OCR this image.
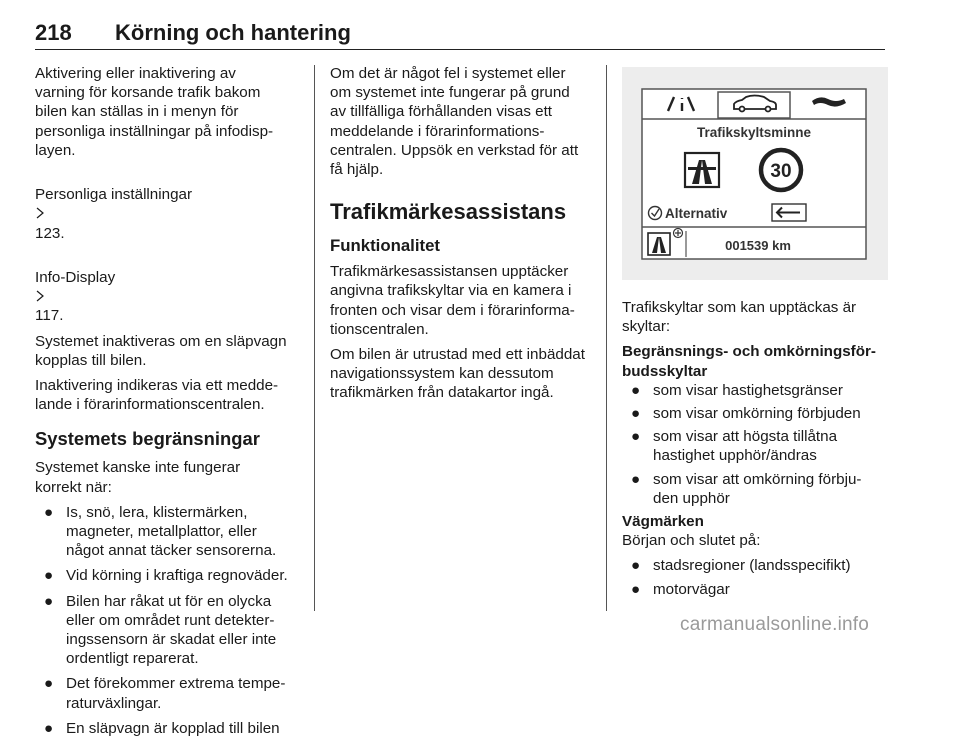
218 Körning och hantering

Aktivering eller inaktivering av
varning för korsande trafik bakom
bilen kan ställas in i menyn för
personliga inställningar på infodisp-
layen.

Personliga inställningar

123.

Info-Display

117.

Systemet inaktiveras om en släpvagn
kopplas till bilen.

Inaktivering indikeras via ett medde-
lande i förarinformationscentralen.

Systemets begränsningar

Systemet kanske inte fungerar
korrekt när:

● Is, snö, lera, klistermärken,
magneter, metallplattor, eller
något annat täcker sensorerna.
● Vid körning i kraftiga regnoväder.
● Bilen har råkat ut för en olycka
eller om området runt detekter-
ingssensorn är skadat eller inte
ordentligt reparerat.
● Det förekommer extrema tempe-
raturväxlingar.
● En släpvagn är kopplad till bilen

Om det är något fel i systemet eller
om systemet inte fungerar på grund
av tillfälliga förhållanden visas ett
meddelande i förarinformations-
centralen. Uppsök en verkstad för att
få hjälp.

Trafikmärkesassistans
Funktionalitet

Trafikmärkesassistansen upptäcker
angivna trafikskyltar via en kamera i
fronten och visar dem i förarinforma-
tionscentralen.

Om bilen är utrustad med ett inbäddat
navigationssystem kan dessutom
trafikmärken från datakartor ingå.

Trafikskyltsminne
30
Alternativ
001539 km

Trafikskyltar som kan upptäckas är
skyltar:

Begränsnings- och omkörningsför-
budsskyltar
● som visar hastighetsgränser
● som visar omkörning förbjuden
● som visar att högsta tillåtna
hastighet upphör/ändras
● som visar att omkörning förbju-
den upphör
Vägmärken

Början och slutet på:

● stadsregioner (landsspecifikt)
● motorvägar
carmanualsonline.info
